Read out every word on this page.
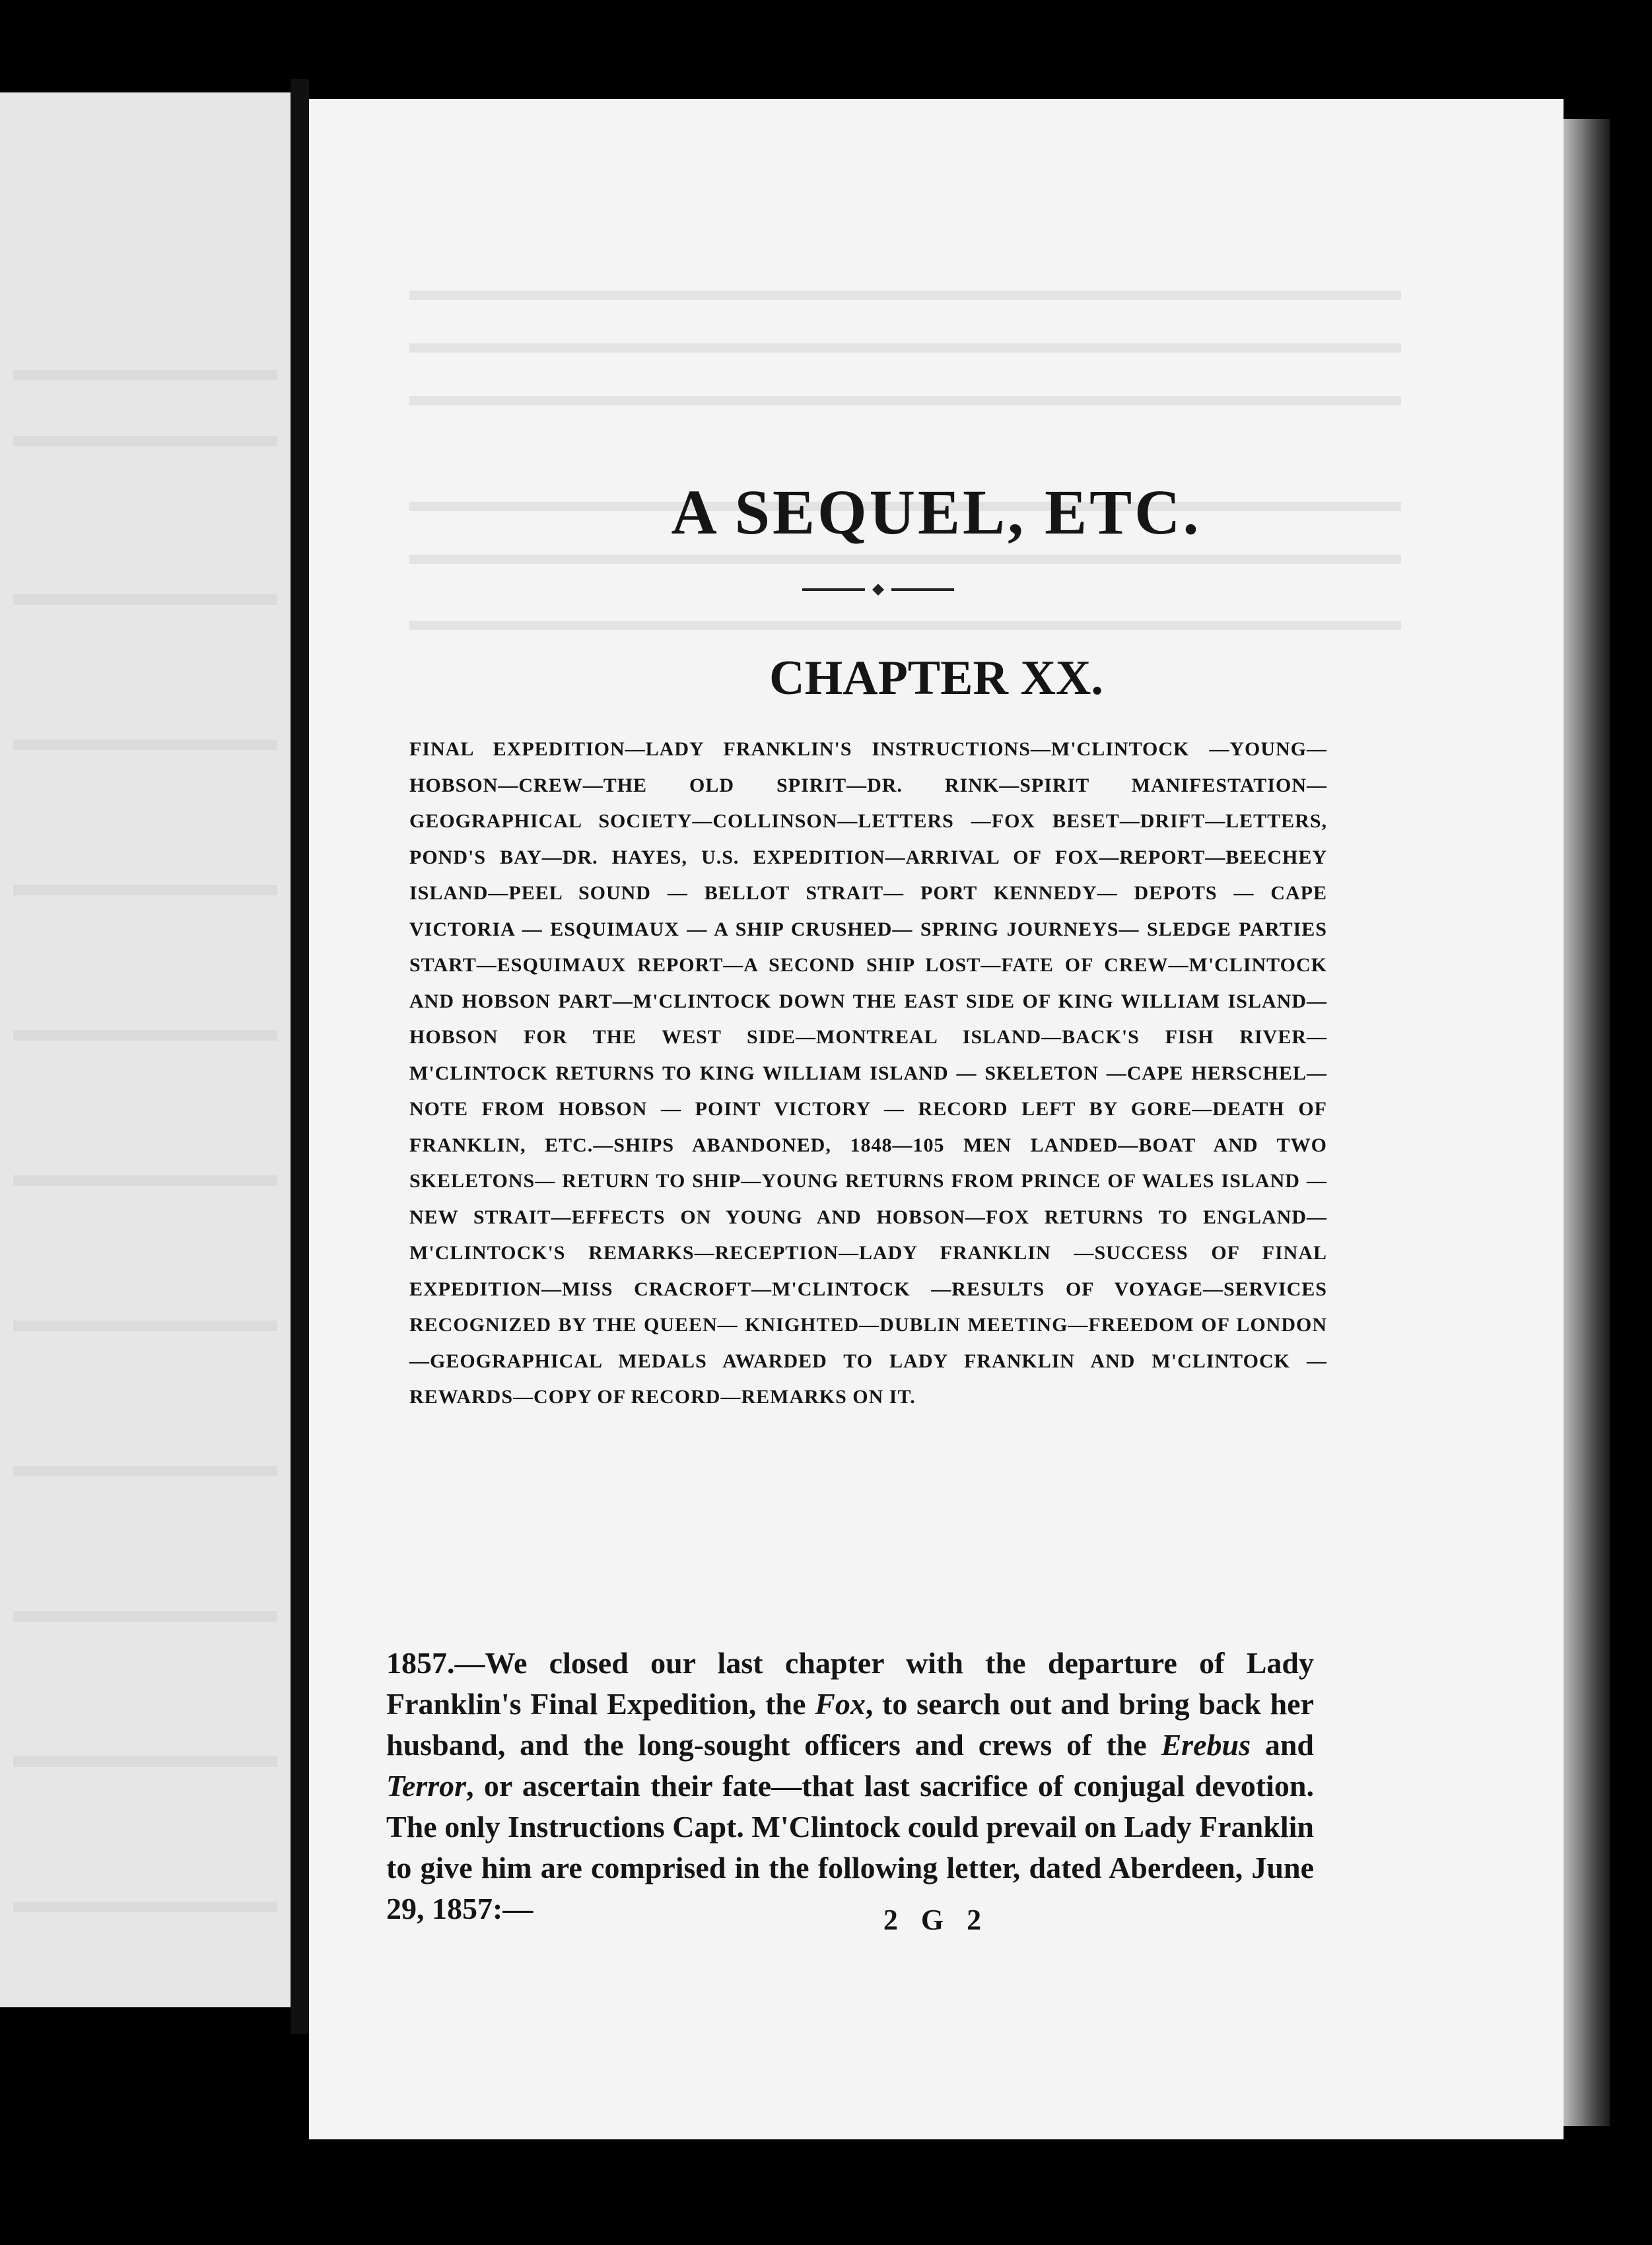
A SEQUEL, ETC.
CHAPTER XX.
FINAL EXPEDITION—LADY FRANKLIN'S INSTRUCTIONS—M'CLINTOCK —YOUNG—HOBSON—CREW—THE OLD SPIRIT—DR. RINK—SPIRIT MANIFESTATION—GEOGRAPHICAL SOCIETY—COLLINSON—LETTERS —FOX BESET—DRIFT—LETTERS, POND'S BAY—DR. HAYES, U.S. EXPEDITION—ARRIVAL OF FOX—REPORT—BEECHEY ISLAND—PEEL SOUND — BELLOT STRAIT— PORT KENNEDY— DEPOTS — CAPE VICTORIA — ESQUIMAUX — A SHIP CRUSHED— SPRING JOURNEYS— SLEDGE PARTIES START—ESQUIMAUX REPORT—A SECOND SHIP LOST—FATE OF CREW—M'CLINTOCK AND HOBSON PART—M'CLINTOCK DOWN THE EAST SIDE OF KING WILLIAM ISLAND—HOBSON FOR THE WEST SIDE—MONTREAL ISLAND—BACK'S FISH RIVER— M'CLINTOCK RETURNS TO KING WILLIAM ISLAND — SKELETON —CAPE HERSCHEL—NOTE FROM HOBSON — POINT VICTORY — RECORD LEFT BY GORE—DEATH OF FRANKLIN, ETC.—SHIPS ABANDONED, 1848—105 MEN LANDED—BOAT AND TWO SKELETONS— RETURN TO SHIP—YOUNG RETURNS FROM PRINCE OF WALES ISLAND —NEW STRAIT—EFFECTS ON YOUNG AND HOBSON—FOX RETURNS TO ENGLAND—M'CLINTOCK'S REMARKS—RECEPTION—LADY FRANKLIN —SUCCESS OF FINAL EXPEDITION—MISS CRACROFT—M'CLINTOCK —RESULTS OF VOYAGE—SERVICES RECOGNIZED BY THE QUEEN— KNIGHTED—DUBLIN MEETING—FREEDOM OF LONDON—GEOGRAPHICAL MEDALS AWARDED TO LADY FRANKLIN AND M'CLINTOCK —REWARDS—COPY OF RECORD—REMARKS ON IT.
1857.—We closed our last chapter with the departure of Lady Franklin's Final Expedition, the Fox, to search out and bring back her husband, and the long-sought officers and crews of the Erebus and Terror, or ascertain their fate—that last sacrifice of conjugal devotion. The only Instructions Capt. M'Clintock could prevail on Lady Franklin to give him are comprised in the following letter, dated Aberdeen, June 29, 1857:—	2 G 2
